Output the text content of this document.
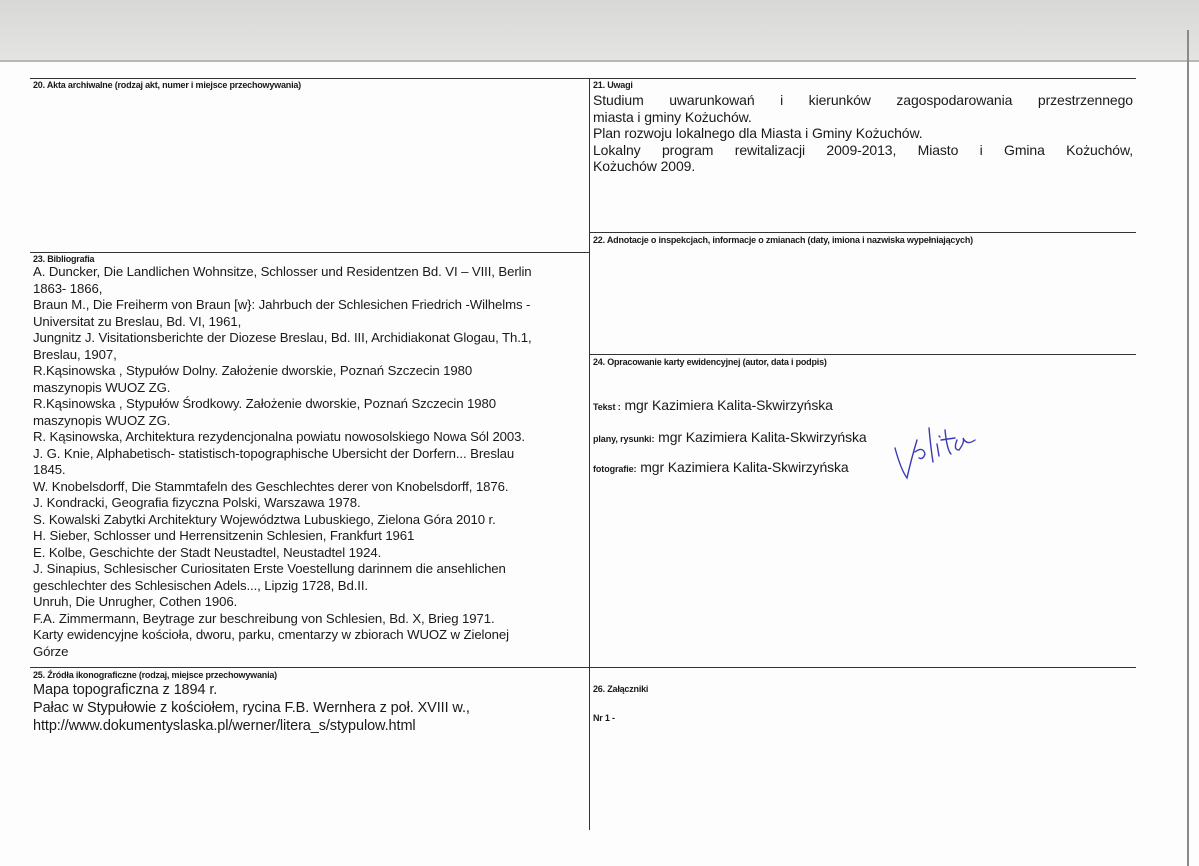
20. Akta archiwalne (rodzaj akt, numer i miejsce przechowywania)	21. Uwagi
Studium uwarunkowań i kierunków zagospodarowania przestrzennego
miasta i gminy Kożuchów.
Plan rozwoju lokalnego dla Miasta i Gminy Kożuchów.
Lokalny program rewitalizacji 2009-2013, Miasto i Gmina Kożuchów,
Kożuchów 2009.
22. Adnotacje o inspekcjach, informacje o zmianach (daty, imiona i nazwiska wypełniających)
23. Bibliografia
A. Duncker, Die Landlichen Wohnsitze, Schlosser und Residentzen Bd. VI – VIII, Berlin
1863- 1866,
Braun M., Die Freiherm von Braun [w}: Jahrbuch der Schlesichen Friedrich -Wilhelms -
Universitat zu Breslau, Bd. VI, 1961,
Jungnitz J. Visitationsberichte der Diozese Breslau, Bd. III, Archidiakonat Glogau, Th.1,
Breslau, 1907,
R.Kąsinowska , Stypułów Dolny. Założenie dworskie, Poznań Szczecin 1980
maszynopis WUOZ ZG.
R.Kąsinowska , Stypułów Środkowy. Założenie dworskie, Poznań Szczecin 1980
maszynopis WUOZ ZG.
R. Kąsinowska, Architektura rezydencjonalna powiatu nowosolskiego Nowa Sól 2003.
J. G. Knie, Alphabetisch- statistisch-topographische Ubersicht der Dorfern... Breslau
1845.
W. Knobelsdorff, Die Stammtafeln des Geschlechtes derer von Knobelsdorff, 1876.
J. Kondracki, Geografia fizyczna Polski, Warszawa 1978.
S. Kowalski Zabytki Architektury Województwa Lubuskiego, Zielona Góra 2010 r.
H. Sieber, Schlosser und Herrensitzenin Schlesien, Frankfurt 1961
E. Kolbe, Geschichte der Stadt Neustadtel, Neustadtel 1924.
J. Sinapius, Schlesischer Curiositaten Erste Voestellung darinnem die ansehlichen
geschlechter des Schlesischen Adels..., Lipzig 1728, Bd.II.
Unruh, Die Unrugher, Cothen 1906.
F.A. Zimmermann, Beytrage zur beschreibung von Schlesien, Bd. X, Brieg 1971.
Karty ewidencyjne kościoła, dworu, parku, cmentarzy w zbiorach WUOZ w Zielonej
Górze
24. Opracowanie karty ewidencyjnej (autor, data i podpis)
Tekst : mgr Kazimiera Kalita-Skwirzyńska
plany, rysunki: mgr Kazimiera Kalita-Skwirzyńska
fotografie: mgr Kazimiera Kalita-Skwirzyńska
25. Źródła ikonograficzne (rodzaj, miejsce przechowywania)
Mapa topograficzna z 1894 r.
Pałac w Stypułowie z kościołem, rycina F.B. Wernhera z poł. XVIII w.,
http://www.dokumentyslaska.pl/werner/litera_s/stypulow.html
26. Załączniki
Nr 1 -
